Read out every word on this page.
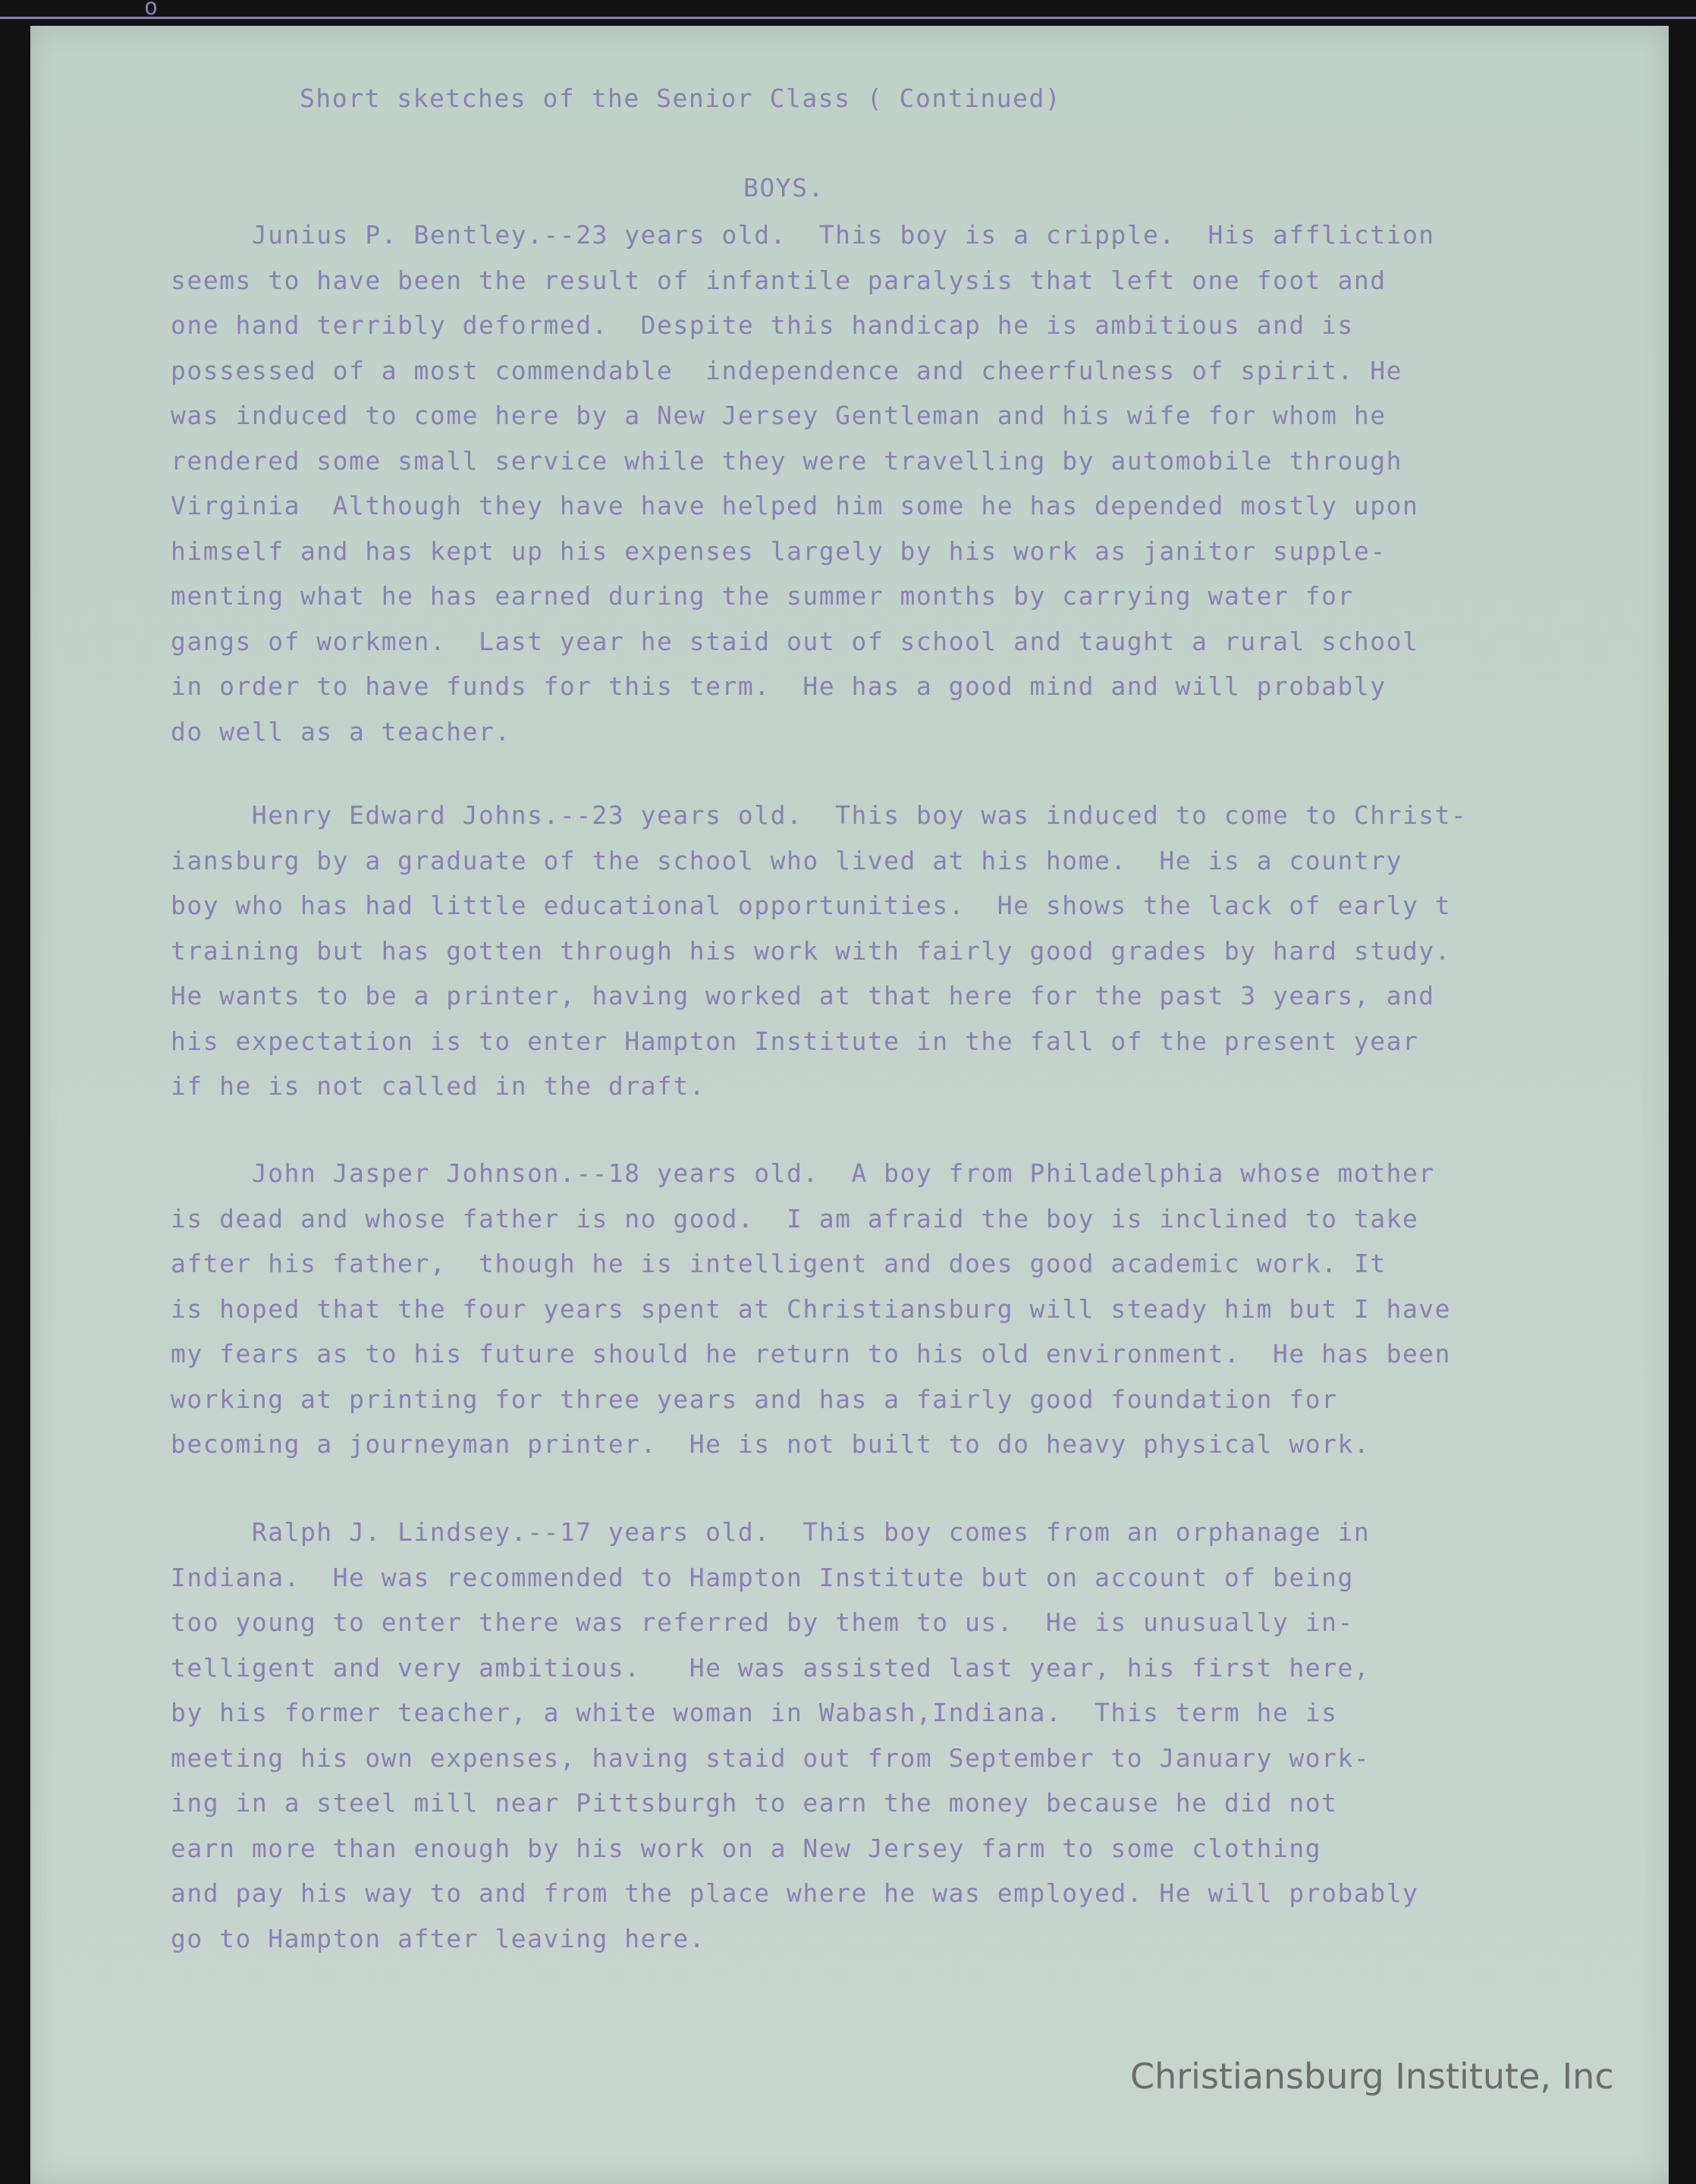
Short sketches of the Senior Class ( Continued)
o
BOYS.
Junius P. Bentley.--23 years old.  This boy is a cripple.  His affliction
seems to have been the result of infantile paralysis that left one foot and
one hand terribly deformed.  Despite this handicap he is ambitious and is
possessed of a most commendable  independence and cheerfulness of spirit. He
was induced to come here by a New Jersey Gentleman and his wife for whom he
rendered some small service while they were travelling by automobile through
Virginia  Although they have have helped him some he has depended mostly upon
himself and has kept up his expenses largely by his work as janitor supple-
menting what he has earned during the summer months by carrying water for
gangs of workmen.  Last year he staid out of school and taught a rural school
in order to have funds for this term.  He has a good mind and will probably
do well as a teacher.
Henry Edward Johns.--23 years old.  This boy was induced to come to Christ-
iansburg by a graduate of the school who lived at his home.  He is a country
boy who has had little educational opportunities.  He shows the lack of early t
training but has gotten through his work with fairly good grades by hard study.
He wants to be a printer, having worked at that here for the past 3 years, and
his expectation is to enter Hampton Institute in the fall of the present year
if he is not called in the draft.
John Jasper Johnson.--18 years old.  A boy from Philadelphia whose mother
is dead and whose father is no good.  I am afraid the boy is inclined to take
after his father,  though he is intelligent and does good academic work. It
is hoped that the four years spent at Christiansburg will steady him but I have
my fears as to his future should he return to his old environment.  He has been
working at printing for three years and has a fairly good foundation for
becoming a journeyman printer.  He is not built to do heavy physical work.
Ralph J. Lindsey.--17 years old.  This boy comes from an orphanage in
Indiana.  He was recommended to Hampton Institute but on account of being
too young to enter there was referred by them to us.  He is unusually in-
telligent and very ambitious.   He was assisted last year, his first here,
by his former teacher, a white woman in Wabash,Indiana.  This term he is
meeting his own expenses, having staid out from September to January work-
ing in a steel mill near Pittsburgh to earn the money because he did not
earn more than enough by his work on a New Jersey farm to some clothing
and pay his way to and from the place where he was employed. He will probably
go to Hampton after leaving here.
Christiansburg Institute, Inc
